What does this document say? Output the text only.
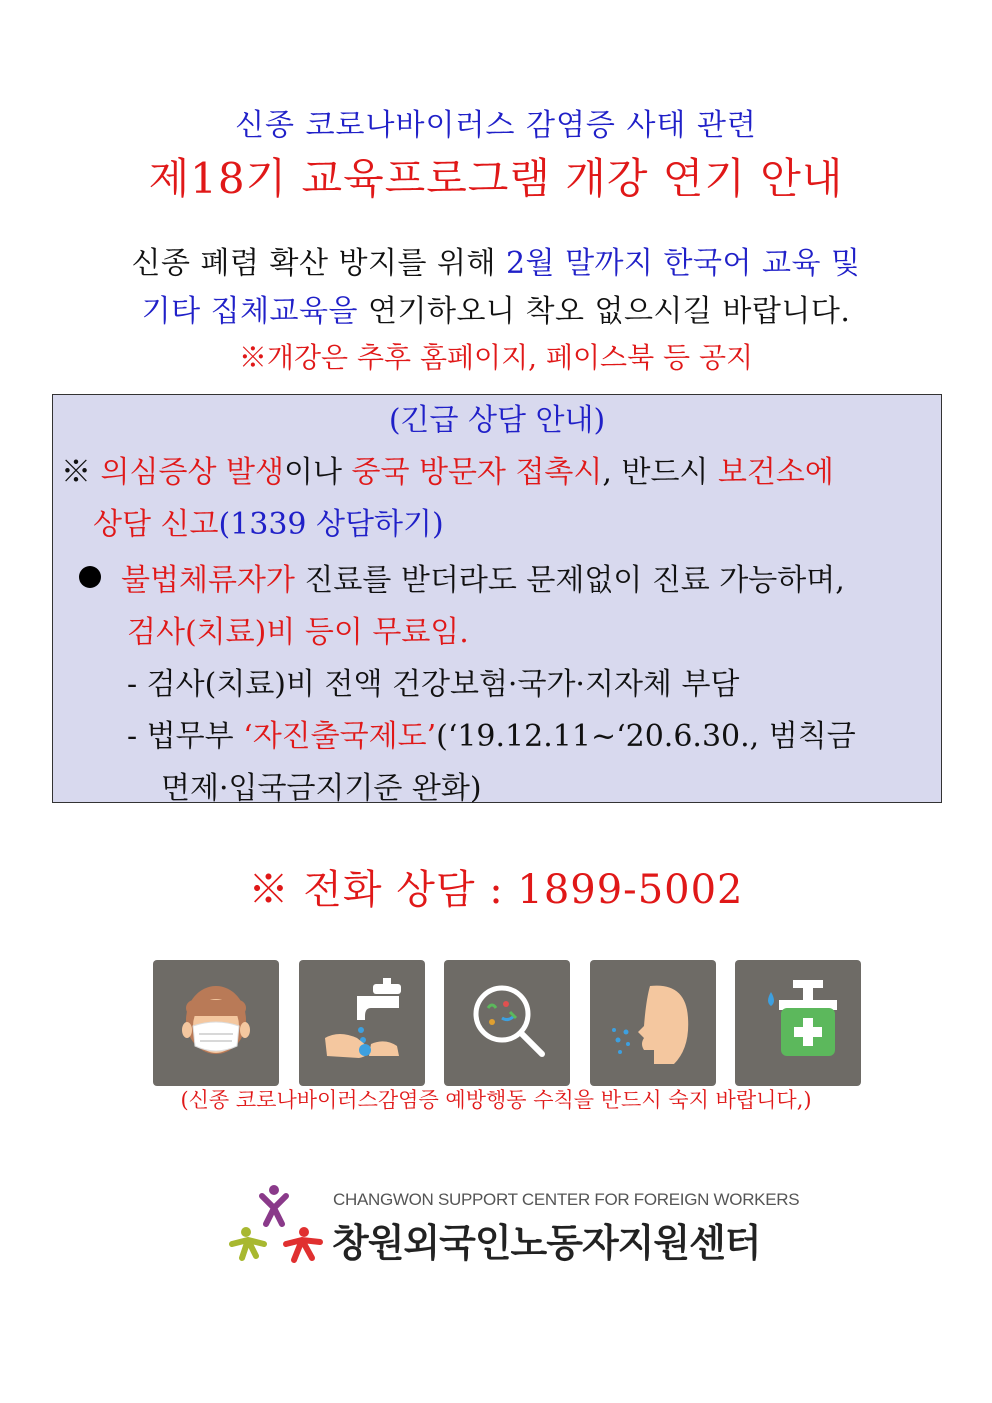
신종 코로나바이러스 감염증 사태 관련
제18기 교육프로그램 개강 연기 안내
신종 폐렴 확산 방지를 위해 2월 말까지 한국어 교육 및
기타 집체교육을 연기하오니 착오 없으시길 바랍니다.
※개강은 추후 홈페이지, 페이스북 등 공지
(긴급 상담 안내)
※ 의심증상 발생이나 중국 방문자 접촉시, 반드시 보건소에
상담 신고(1339 상담하기)
불법체류자가 진료를 받더라도 문제없이 진료 가능하며,
검사(치료)비 등이 무료임.
- 검사(치료)비 전액 건강보험·국가·지자체 부담
- 법무부 ‘자진출국제도’(‘19.12.11~‘20.6.30., 범칙금
면제·입국금지기준 완화)
※ 전화 상담 : 1899-5002
(신종 코로나바이러스감염증 예방행동 수칙을 반드시 숙지 바랍니다,)
CHANGWON SUPPORT CENTER FOR FOREIGN WORKERS
창원외국인노동자지원센터
